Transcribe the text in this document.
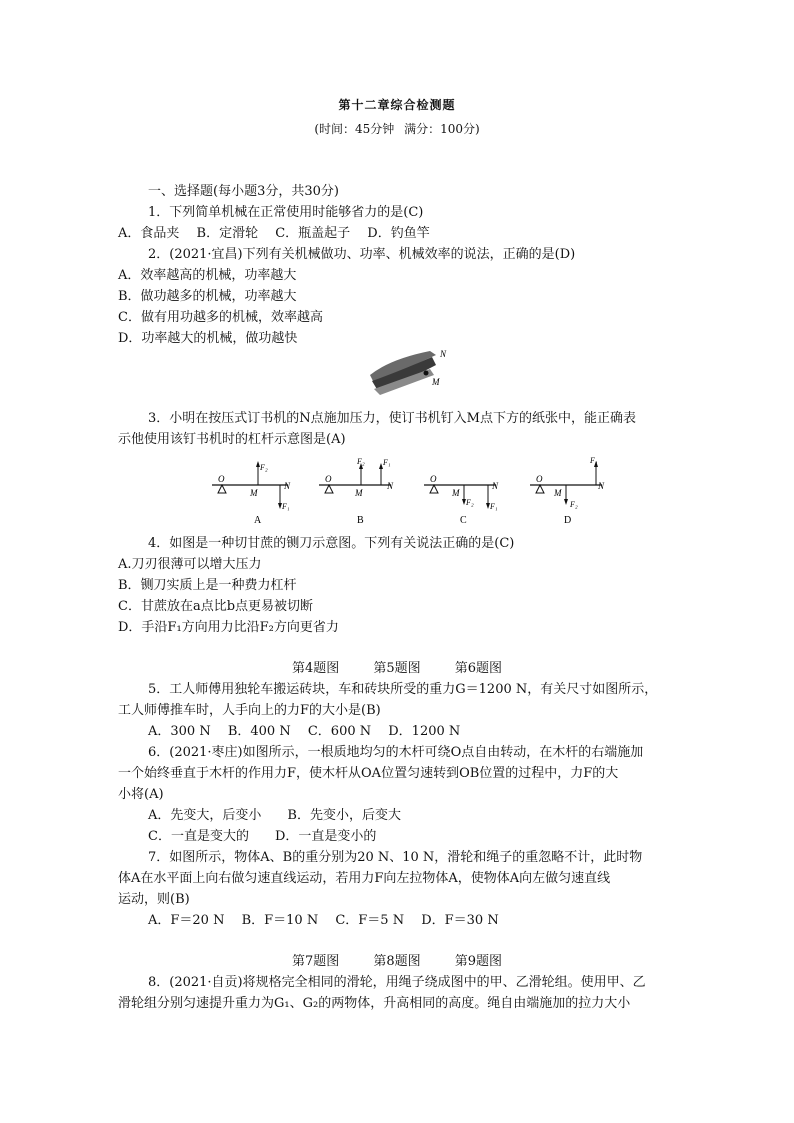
第十二章综合检测题
(时间：45分钟 满分：100分)
一、选择题(每小题3分，共30分)
1．下列简单机械在正常使用时能够省力的是(C)
A．食品夹　 B．定滑轮　 C．瓶盖起子　 D．钓鱼竿
2．(2021·宜昌)下列有关机械做功、功率、机械效率的说法，正确的是(D)
A．效率越高的机械，功率越大
B．做功越多的机械，功率越大
C．做有用功越多的机械，效率越高
D．功率越大的机械，做功越快
N
M
3．小明在按压式订书机的N点施加压力，使订书机钉入M点下方的纸张中，能正确表
示他使用该钉书机时的杠杆示意图是(A)
O
M
N
F₂
F₁
A
O
M
N
F₂ F₁
B
O
M
N
F₂ F₁
C
O
M
N
F₁
F₂
D
4．如图是一种切甘蔗的铡刀示意图。下列有关说法正确的是(C)
A.刀刃很薄可以增大压力
B．铡刀实质上是一种费力杠杆
C．甘蔗放在a点比b点更易被切断
D．手沿F₁方向用力比沿F₂方向更省力
第4题图	第5题图	第6题图
5．工人师傅用独轮车搬运砖块，车和砖块所受的重力G＝1200 N，有关尺寸如图所示，
工人师傅推车时，人手向上的力F的大小是(B)
A．300 N　 B．400 N　 C．600 N　 D．1200 N
6．(2021·枣庄)如图所示，一根质地均匀的木杆可绕O点自由转动，在木杆的右端施加
一个始终垂直于木杆的作用力F，使木杆从OA位置匀速转到OB位置的过程中，力F的大
小将(A)
A．先变大，后变小　　B．先变小，后变大
C．一直是变大的　　D．一直是变小的
7．如图所示，物体A、B的重分别为20 N、10 N，滑轮和绳子的重忽略不计，此时物
体A在水平面上向右做匀速直线运动，若用力F向左拉物体A，使物体A向左做匀速直线
运动，则(B)
A．F＝20 N　 B．F＝10 N　 C．F＝5 N　 D．F＝30 N
第7题图	第8题图	第9题图
8．(2021·自贡)将规格完全相同的滑轮，用绳子绕成图中的甲、乙滑轮组。使用甲、乙
滑轮组分别匀速提升重力为G₁、G₂的两物体，升高相同的高度。绳自由端施加的拉力大小
